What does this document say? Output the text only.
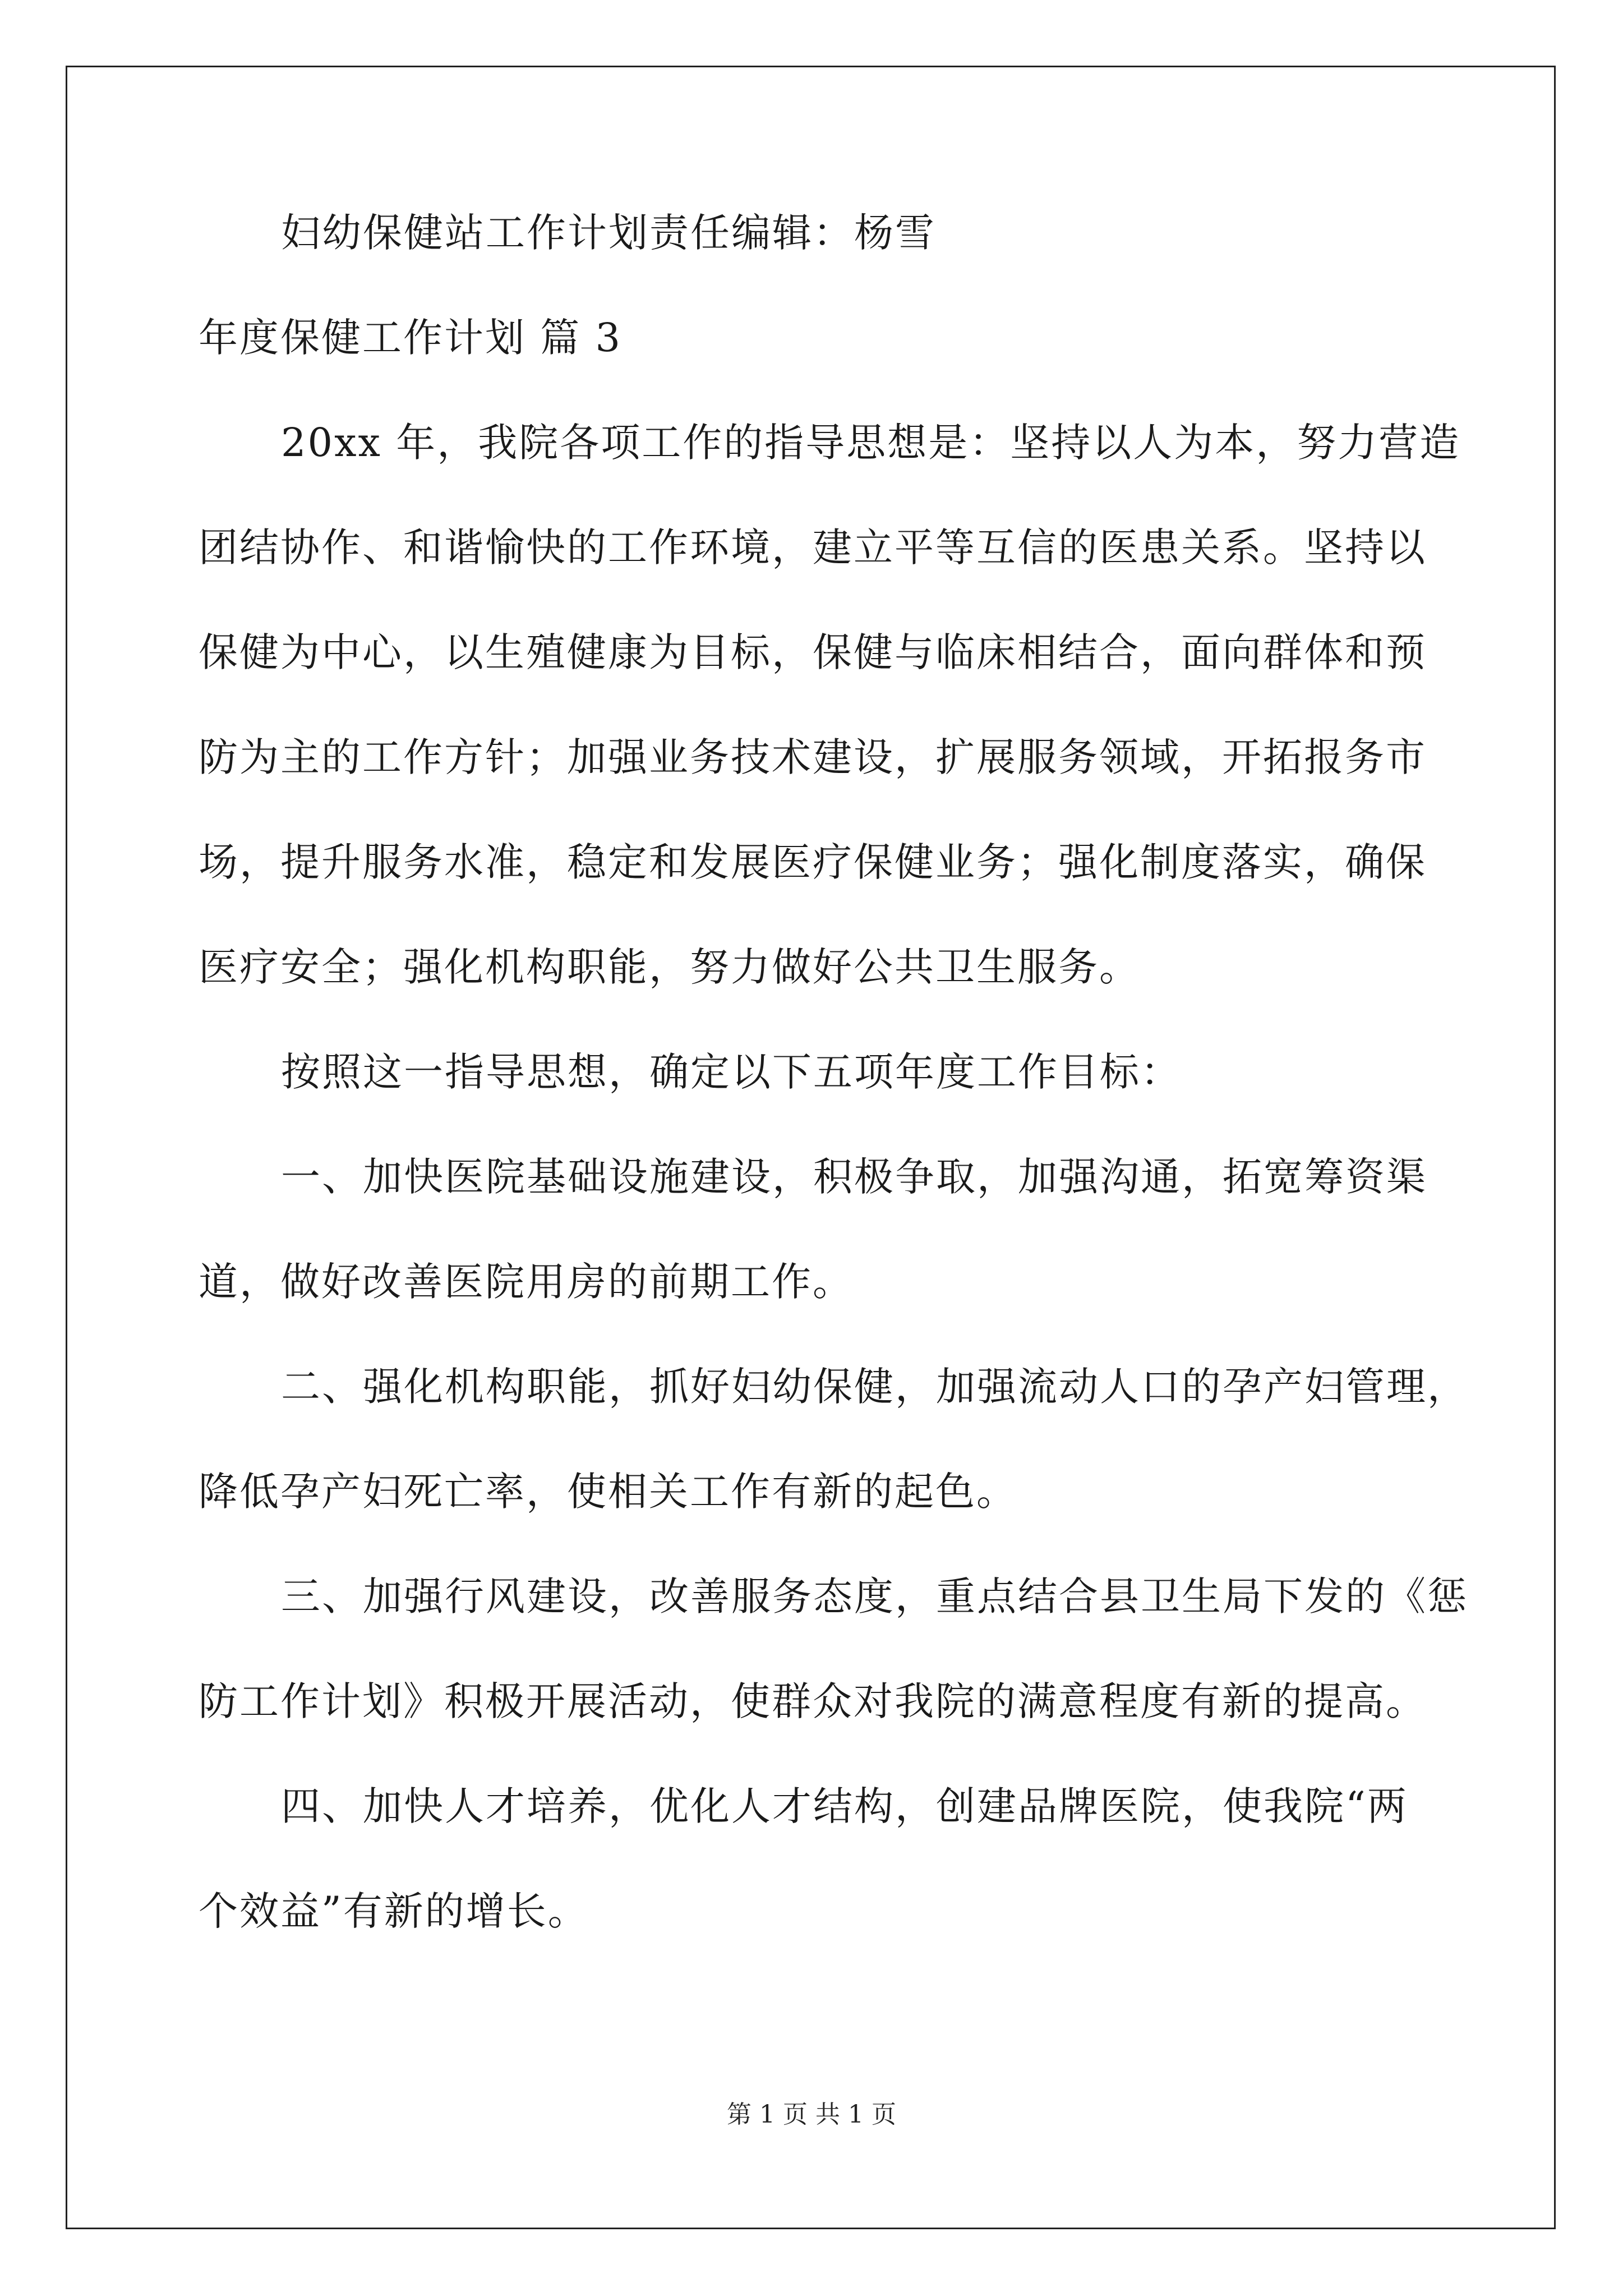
妇幼保健站工作计划责任编辑：杨雪
年度保健工作计划 篇 3
20xx 年，我院各项工作的指导思想是：坚持以人为本，努力营造
团结协作、和谐愉快的工作环境，建立平等互信的医患关系。坚持以
保健为中心，以生殖健康为目标，保健与临床相结合，面向群体和预
防为主的工作方针；加强业务技术建设，扩展服务领域，开拓报务市
场，提升服务水准，稳定和发展医疗保健业务；强化制度落实，确保
医疗安全；强化机构职能，努力做好公共卫生服务。
按照这一指导思想，确定以下五项年度工作目标：
一、加快医院基础设施建设，积极争取，加强沟通，拓宽筹资渠
道，做好改善医院用房的前期工作。
二、强化机构职能，抓好妇幼保健，加强流动人口的孕产妇管理，
降低孕产妇死亡率，使相关工作有新的起色。
三、加强行风建设，改善服务态度，重点结合县卫生局下发的《惩
防工作计划》积极开展活动，使群众对我院的满意程度有新的提高。
四、加快人才培养，优化人才结构，创建品牌医院，使我院“两
个效益”有新的增长。
第 1 页 共 1 页
